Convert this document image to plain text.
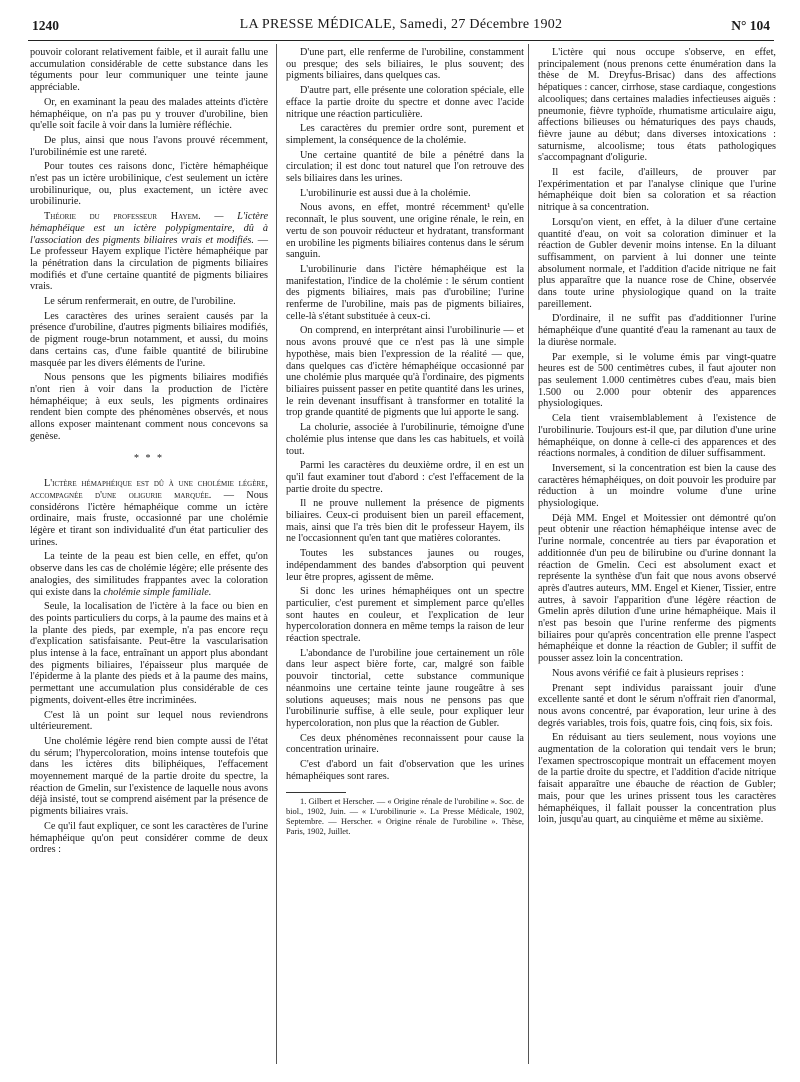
1240	LA PRESSE MÉDICALE, Samedi, 27 Décembre 1902	N° 104

pouvoir colorant relativement faible, et il aurait fallu une accumulation considérable de cette substance dans les téguments pour leur communiquer une teinte jaune appréciable.

Or, en examinant la peau des malades atteints d'ictère hémaphéique, on n'a pas pu y trouver d'urobiline, bien qu'elle soit facile à voir dans la lumière réfléchie.

De plus, ainsi que nous l'avons prouvé récemment, l'urobilinémie est une rareté.

Pour toutes ces raisons donc, l'ictère hémaphéique n'est pas un ictère urobilinique, c'est seulement un ictère urobilinurique, ou, plus exactement, un ictère avec urobilinurie.

Théorie du professeur Hayem. — L'ictère hémaphéique est un ictère polypigmentaire, dû à l'association des pigments biliaires vrais et modifiés. — Le professeur Hayem explique l'ictère hémaphéique par la pénétration dans la circulation de pigments biliaires modifiés et d'une certaine quantité de pigments biliaires vrais.

Le sérum renfermerait, en outre, de l'urobiline.

Les caractères des urines seraient causés par la présence d'urobiline, d'autres pigments biliaires modifiés, de pigment rouge-brun notamment, et aussi, du moins dans certains cas, d'une faible quantité de bilirubine masquée par les divers éléments de l'urine.

Nous pensons que les pigments biliaires modifiés n'ont rien à voir dans la production de l'ictère hémaphéique; à eux seuls, les pigments ordinaires rendent bien compte des phénomènes observés, et nous allons exposer maintenant comment nous concevons sa genèse.

* * *

L'ictère hémaphéique est dû à une cholémie légère, accompagnée d'une oligurie marquée. — Nous considérons l'ictère hémaphéique comme un ictère ordinaire, mais fruste, occasionné par une cholémie légère et tirant son individualité d'un état particulier des urines.

La teinte de la peau est bien celle, en effet, qu'on observe dans les cas de cholémie légère; elle présente des analogies, des similitudes frappantes avec la coloration qui existe dans la cholémie simple familiale.

Seule, la localisation de l'ictère à la face ou bien en des points particuliers du corps, à la paume des mains et à la plante des pieds, par exemple, n'a pas encore reçu d'explication satisfaisante. Peut-être la vascularisation plus intense à la face, entraînant un apport plus abondant des pigments biliaires, l'épaisseur plus marquée de l'épiderme à la plante des pieds et à la paume des mains, permettant une accumulation plus considérable de ces pigments, doivent-elles être incriminées.

C'est là un point sur lequel nous reviendrons ultérieurement.

Une cholémie légère rend bien compte aussi de l'état du sérum; l'hypercoloration, moins intense toutefois que dans les ictères dits biliphéiques, l'effacement moyennement marqué de la partie droite du spectre, la réaction de Gmelin, sur l'existence de laquelle nous avons déjà insisté, tout se comprend aisément par la présence de pigments biliaires vrais.

Ce qu'il faut expliquer, ce sont les caractères de l'urine hémaphéique qu'on peut considérer comme de deux ordres :

D'une part, elle renferme de l'urobiline, constamment ou presque; des sels biliaires, le plus souvent; des pigments biliaires, dans quelques cas.

D'autre part, elle présente une coloration spéciale, elle efface la partie droite du spectre et donne avec l'acide nitrique une réaction particulière.

Les caractères du premier ordre sont, purement et simplement, la conséquence de la cholémie.

Une certaine quantité de bile a pénétré dans la circulation; il est donc tout naturel que l'on retrouve des sels biliaires dans les urines.

L'urobilinurie est aussi due à la cholémie.

Nous avons, en effet, montré récemment¹ qu'elle reconnaît, le plus souvent, une origine rénale, le rein, en vertu de son pouvoir réducteur et hydratant, transformant en urobiline les pigments biliaires contenus dans le sérum sanguin.

L'urobilinurie dans l'ictère hémaphéique est la manifestation, l'indice de la cholémie : le sérum contient des pigments biliaires, mais pas d'urobiline; l'urine renferme de l'urobiline, mais pas de pigments biliaires, celle-là s'étant substituée à ceux-ci.

On comprend, en interprétant ainsi l'urobilinurie — et nous avons prouvé que ce n'est pas là une simple hypothèse, mais bien l'expression de la réalité — que, dans quelques cas d'ictère hémaphéique occasionné par une cholémie plus marquée qu'à l'ordinaire, des pigments biliaires puissent passer en petite quantité dans les urines, le rein devenant insuffisant à transformer en totalité la trop grande quantité de pigments que lui apporte le sang.

La cholurie, associée à l'urobilinurie, témoigne d'une cholémie plus intense que dans les cas habituels, et voilà tout.

Parmi les caractères du deuxième ordre, il en est un qu'il faut examiner tout d'abord : c'est l'effacement de la partie droite du spectre.

Il ne prouve nullement la présence de pigments biliaires. Ceux-ci produisent bien un pareil effacement, mais, ainsi que l'a très bien dit le professeur Hayem, ils ne l'occasionnent qu'en tant que matières colorantes.

Toutes les substances jaunes ou rouges, indépendamment des bandes d'absorption qui peuvent leur être propres, agissent de même.

Si donc les urines hémaphéiques ont un spectre particulier, c'est purement et simplement parce qu'elles sont hautes en couleur, et l'explication de leur hypercoloration donnera en même temps la raison de leur réaction spectrale.

L'abondance de l'urobiline joue certainement un rôle dans leur aspect bière forte, car, malgré son faible pouvoir tinctorial, cette substance communique néanmoins une certaine teinte jaune rougeâtre à ses solutions aqueuses; mais nous ne pensons pas que l'urobilinurie suffise, à elle seule, pour expliquer leur hypercoloration, non plus que la réaction de Gubler.

Ces deux phénomènes reconnaissent pour cause la concentration urinaire.

C'est d'abord un fait d'observation que les urines hémaphéiques sont rares.

1. Gilbert et Herscher. — « Origine rénale de l'urobiline ». Soc. de biol., 1902, Juin. — « L'urobilinurie ». La Presse Médicale, 1902, Septembre. — Herscher. « Origine rénale de l'urobiline ». Thèse, Paris, 1902, Juillet.

L'ictère qui nous occupe s'observe, en effet, principalement (nous prenons cette énumération dans la thèse de M. Dreyfus-Brisac) dans des affections hépatiques : cancer, cirrhose, stase cardiaque, congestions alcooliques; dans certaines maladies infectieuses aiguës : pneumonie, fièvre typhoïde, rhumatisme articulaire aigu, affections bilieuses ou hématuriques des pays chauds, fièvre jaune au début; dans diverses intoxications : saturnisme, alcoolisme; tous états pathologiques s'accompagnant d'oligurie.

Il est facile, d'ailleurs, de prouver par l'expérimentation et par l'analyse clinique que l'urine hémaphéique doit bien sa coloration et sa réaction nitrique à sa concentration.

Lorsqu'on vient, en effet, à la diluer d'une certaine quantité d'eau, on voit sa coloration diminuer et la réaction de Gubler devenir moins intense. En la diluant suffisamment, on parvient à lui donner une teinte absolument normale, et l'addition d'acide nitrique ne fait plus apparaître que la nuance rose de Chine, observée dans toute urine physiologique quand on la traite pareillement.

D'ordinaire, il ne suffit pas d'additionner l'urine hémaphéique d'une quantité d'eau la ramenant au taux de la diurèse normale.

Par exemple, si le volume émis par vingt-quatre heures est de 500 centimètres cubes, il faut ajouter non pas seulement 1.000 centimètres cubes d'eau, mais bien 1.500 ou 2.000 pour obtenir des apparences physiologiques.

Cela tient vraisemblablement à l'existence de l'urobilinurie. Toujours est-il que, par dilution d'une urine hémaphéique, on donne à celle-ci des apparences et des réactions normales, à condition de diluer suffisamment.

Inversement, si la concentration est bien la cause des caractères hémaphéiques, on doit pouvoir les produire par réduction à un moindre volume d'une urine physiologique.

Déjà MM. Engel et Moitessier ont démontré qu'on peut obtenir une réaction hémaphéique intense avec de l'urine normale, concentrée au tiers par évaporation et additionnée d'un peu de bilirubine ou d'urine donnant la réaction de Gmelin. Ceci est absolument exact et représente la synthèse d'un fait que nous avons observé après d'autres auteurs, MM. Engel et Kiener, Tissier, entre autres, à savoir l'apparition d'une légère réaction de Gmelin après dilution d'une urine hémaphéique. Mais il n'est pas besoin que l'urine renferme des pigments biliaires pour qu'après concentration elle prenne l'aspect hémaphéique et donne la réaction de Gubler; il suffit de pousser assez loin la concentration.

Nous avons vérifié ce fait à plusieurs reprises :

Prenant sept individus paraissant jouir d'une excellente santé et dont le sérum n'offrait rien d'anormal, nous avons concentré, par évaporation, leur urine à des degrés variables, trois fois, quatre fois, cinq fois, six fois.

En réduisant au tiers seulement, nous voyions une augmentation de la coloration qui tendait vers le brun; l'examen spectroscopique montrait un effacement moyen de la partie droite du spectre, et l'addition d'acide nitrique faisait apparaître une ébauche de réaction de Gubler; mais, pour que les urines prissent tous les caractères hémaphéiques, il fallait pousser la concentration plus loin, jusqu'au quart, au cinquième et même au sixième.
